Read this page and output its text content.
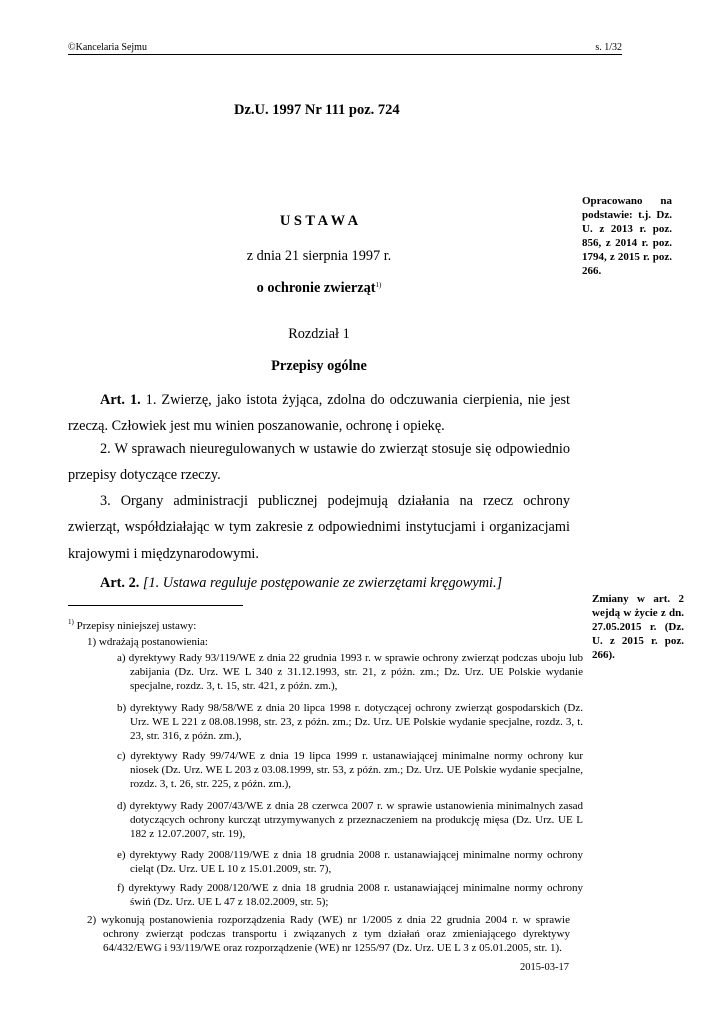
©Kancelaria Sejmu	s. 1/32
Dz.U. 1997 Nr 111 poz. 724
Opracowano na podstawie: t.j. Dz. U. z 2013 r. poz. 856, z 2014 r. poz. 1794, z 2015 r. poz. 266.
U S T A W A
z dnia 21 sierpnia 1997 r.
o ochronie zwierząt$^{1)}$
Rozdział 1
Przepisy ogólne
Art. 1. 1. Zwierzę, jako istota żyjąca, zdolna do odczuwania cierpienia, nie jest rzeczą. Człowiek jest mu winien poszanowanie, ochronę i opiekę.
2. W sprawach nieuregulowanych w ustawie do zwierząt stosuje się odpowiednio przepisy dotyczące rzeczy.
3. Organy administracji publicznej podejmują działania na rzecz ochrony zwierząt, współdziałając w tym zakresie z odpowiednimi instytucjami i organizacjami krajowymi i międzynarodowymi.
Art. 2. [1. Ustawa reguluje postępowanie ze zwierzętami kręgowymi.]
Zmiany w art. 2 wejdą w życie z dn. 27.05.2015 r. (Dz. U. z 2015 r. poz. 266).
$^{1)}$ Przepisy niniejszej ustawy:
1) wdrażają postanowienia:
a) dyrektywy Rady 93/119/WE z dnia 22 grudnia 1993 r. w sprawie ochrony zwierząt podczas uboju lub zabijania (Dz. Urz. WE L 340 z 31.12.1993, str. 21, z późn. zm.; Dz. Urz. UE Polskie wydanie specjalne, rozdz. 3, t. 15, str. 421, z późn. zm.),
b) dyrektywy Rady 98/58/WE z dnia 20 lipca 1998 r. dotyczącej ochrony zwierząt gospodarskich (Dz. Urz. WE L 221 z 08.08.1998, str. 23, z późn. zm.; Dz. Urz. UE Polskie wydanie specjalne, rozdz. 3, t. 23, str. 316, z późn. zm.),
c) dyrektywy Rady 99/74/WE z dnia 19 lipca 1999 r. ustanawiającej minimalne normy ochrony kur niosek (Dz. Urz. WE L 203 z 03.08.1999, str. 53, z późn. zm.; Dz. Urz. UE Polskie wydanie specjalne, rozdz. 3, t. 26, str. 225, z późn. zm.),
d) dyrektywy Rady 2007/43/WE z dnia 28 czerwca 2007 r. w sprawie ustanowienia minimalnych zasad dotyczących ochrony kurcząt utrzymywanych z przeznaczeniem na produkcję mięsa (Dz. Urz. UE L 182 z 12.07.2007, str. 19),
e) dyrektywy Rady 2008/119/WE z dnia 18 grudnia 2008 r. ustanawiającej minimalne normy ochrony cieląt (Dz. Urz. UE L 10 z 15.01.2009, str. 7),
f) dyrektywy Rady 2008/120/WE z dnia 18 grudnia 2008 r. ustanawiającej minimalne normy ochrony świń (Dz. Urz. UE L 47 z 18.02.2009, str. 5);
2) wykonują postanowienia rozporządzenia Rady (WE) nr 1/2005 z dnia 22 grudnia 2004 r. w sprawie ochrony zwierząt podczas transportu i związanych z tym działań oraz zmieniającego dyrektywy 64/432/EWG i 93/119/WE oraz rozporządzenie (WE) nr 1255/97 (Dz. Urz. UE L 3 z 05.01.2005, str. 1).
2015-03-17
